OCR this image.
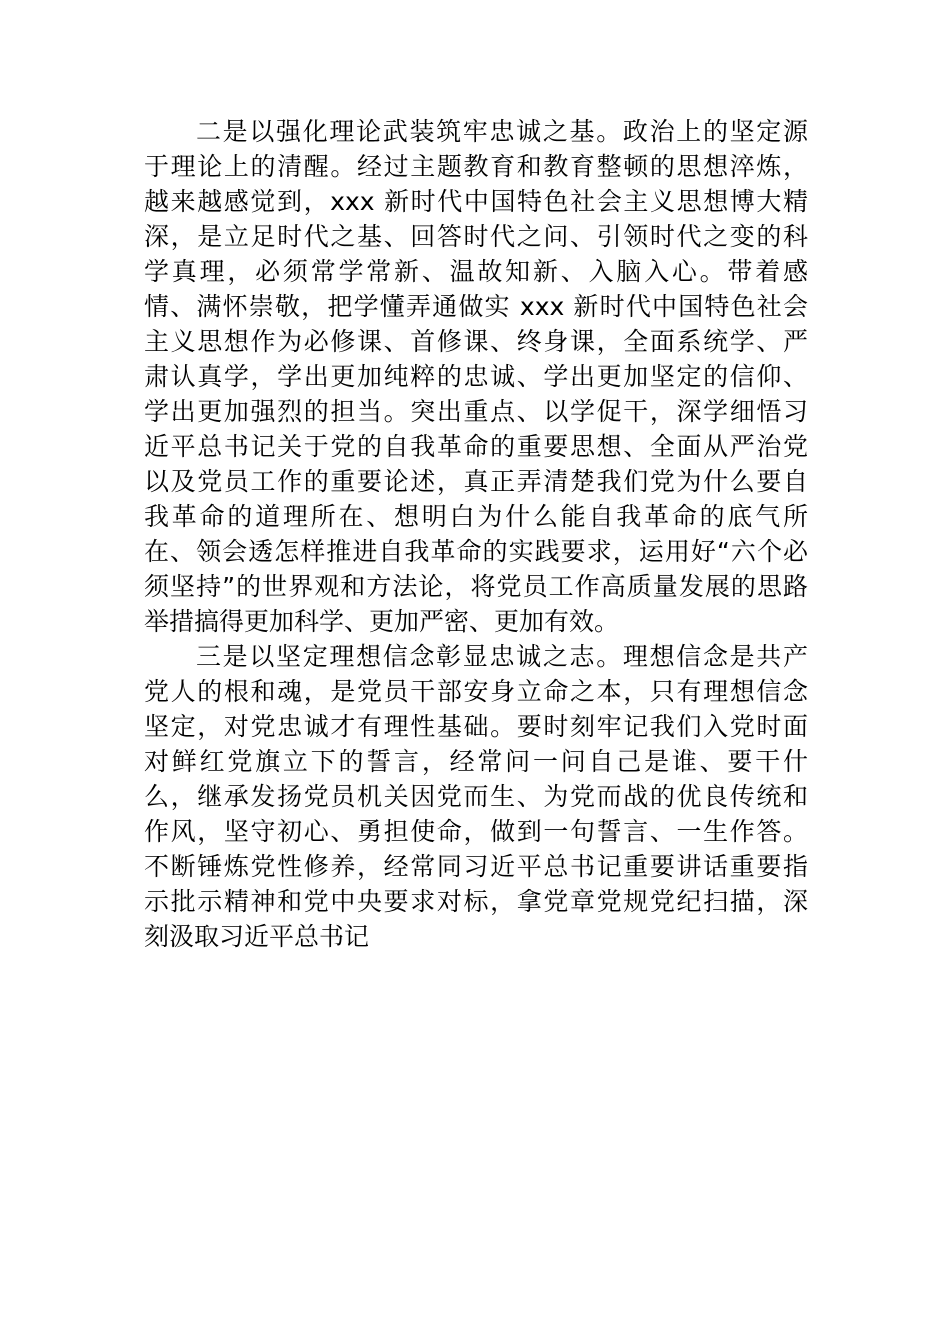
二是以强化理论武装筑牢忠诚之基。政治上的坚定源
于理论上的清醒。经过主题教育和教育整顿的思想淬炼，
越来越感觉到，xxx 新时代中国特色社会主义思想博大精
深，是立足时代之基、回答时代之问、引领时代之变的科
学真理，必须常学常新、温故知新、入脑入心。带着感
情、满怀崇敬，把学懂弄通做实 xxx 新时代中国特色社会
主义思想作为必修课、首修课、终身课，全面系统学、严
肃认真学，学出更加纯粹的忠诚、学出更加坚定的信仰、
学出更加强烈的担当。突出重点、以学促干，深学细悟习
近平总书记关于党的自我革命的重要思想、全面从严治党
以及党员工作的重要论述，真正弄清楚我们党为什么要自
我革命的道理所在、想明白为什么能自我革命的底气所
在、领会透怎样推进自我革命的实践要求，运用好“六个必
须坚持”的世界观和方法论，将党员工作高质量发展的思路
举措搞得更加科学、更加严密、更加有效。
三是以坚定理想信念彰显忠诚之志。理想信念是共产
党人的根和魂，是党员干部安身立命之本，只有理想信念
坚定，对党忠诚才有理性基础。要时刻牢记我们入党时面
对鲜红党旗立下的誓言，经常问一问自己是谁、要干什
么，继承发扬党员机关因党而生、为党而战的优良传统和
作风，坚守初心、勇担使命，做到一句誓言、一生作答。
不断锤炼党性修养，经常同习近平总书记重要讲话重要指
示批示精神和党中央要求对标，拿党章党规党纪扫描，深
刻汲取习近平总书记
